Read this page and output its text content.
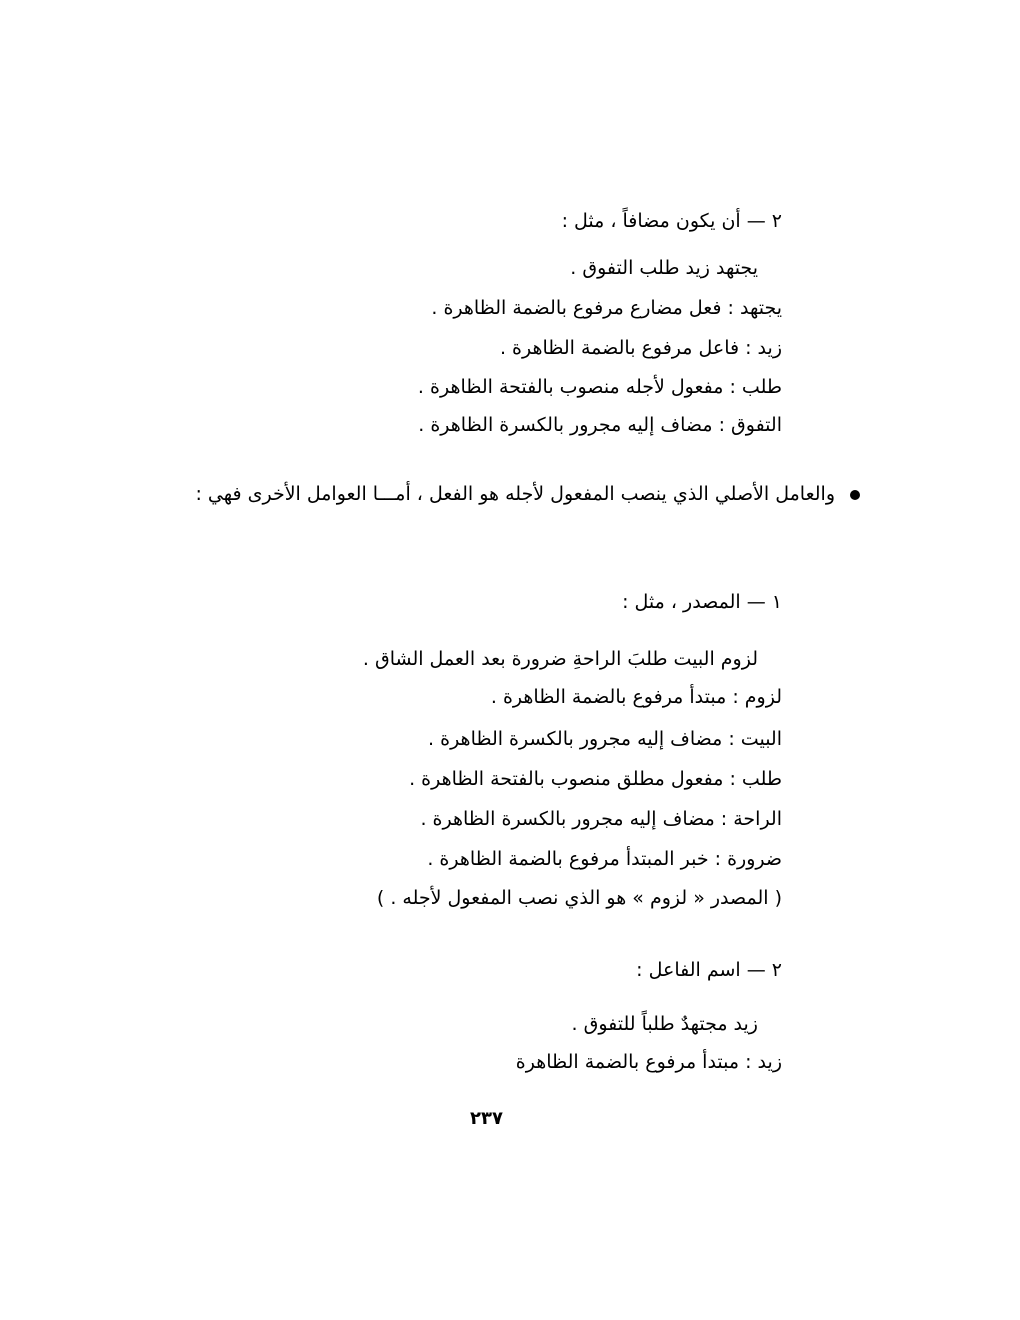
٢ — أن يكون مضافاً ، مثل :
يجتهد زيد طلب التفوق .
يجتهد : فعل مضارع مرفوع بالضمة الظاهرة .
زيد : فاعل مرفوع بالضمة الظاهرة .
طلب : مفعول لأجله منصوب بالفتحة الظاهرة .
التفوق : مضاف إليه مجرور بالكسرة الظاهرة .
والعامل الأصلي الذي ينصب المفعول لأجله هو الفعل ، أمـــا العوامل الأخرى فهي :
١ — المصدر ، مثل :
لزوم البيت طلبَ الراحةِ ضرورة بعد العمل الشاق .
لزوم : مبتدأ مرفوع بالضمة الظاهرة .
البيت : مضاف إليه مجرور بالكسرة الظاهرة .
طلب : مفعول مطلق منصوب بالفتحة الظاهرة .
الراحة : مضاف إليه مجرور بالكسرة الظاهرة .
ضرورة : خبر المبتدأ مرفوع بالضمة الظاهرة .
( المصدر « لزوم » هو الذي نصب المفعول لأجله . )
٢ — اسم الفاعل :
زيد مجتهدٌ طلباً للتفوق .
زيد : مبتدأ مرفوع بالضمة الظاهرة
٢٣٧
